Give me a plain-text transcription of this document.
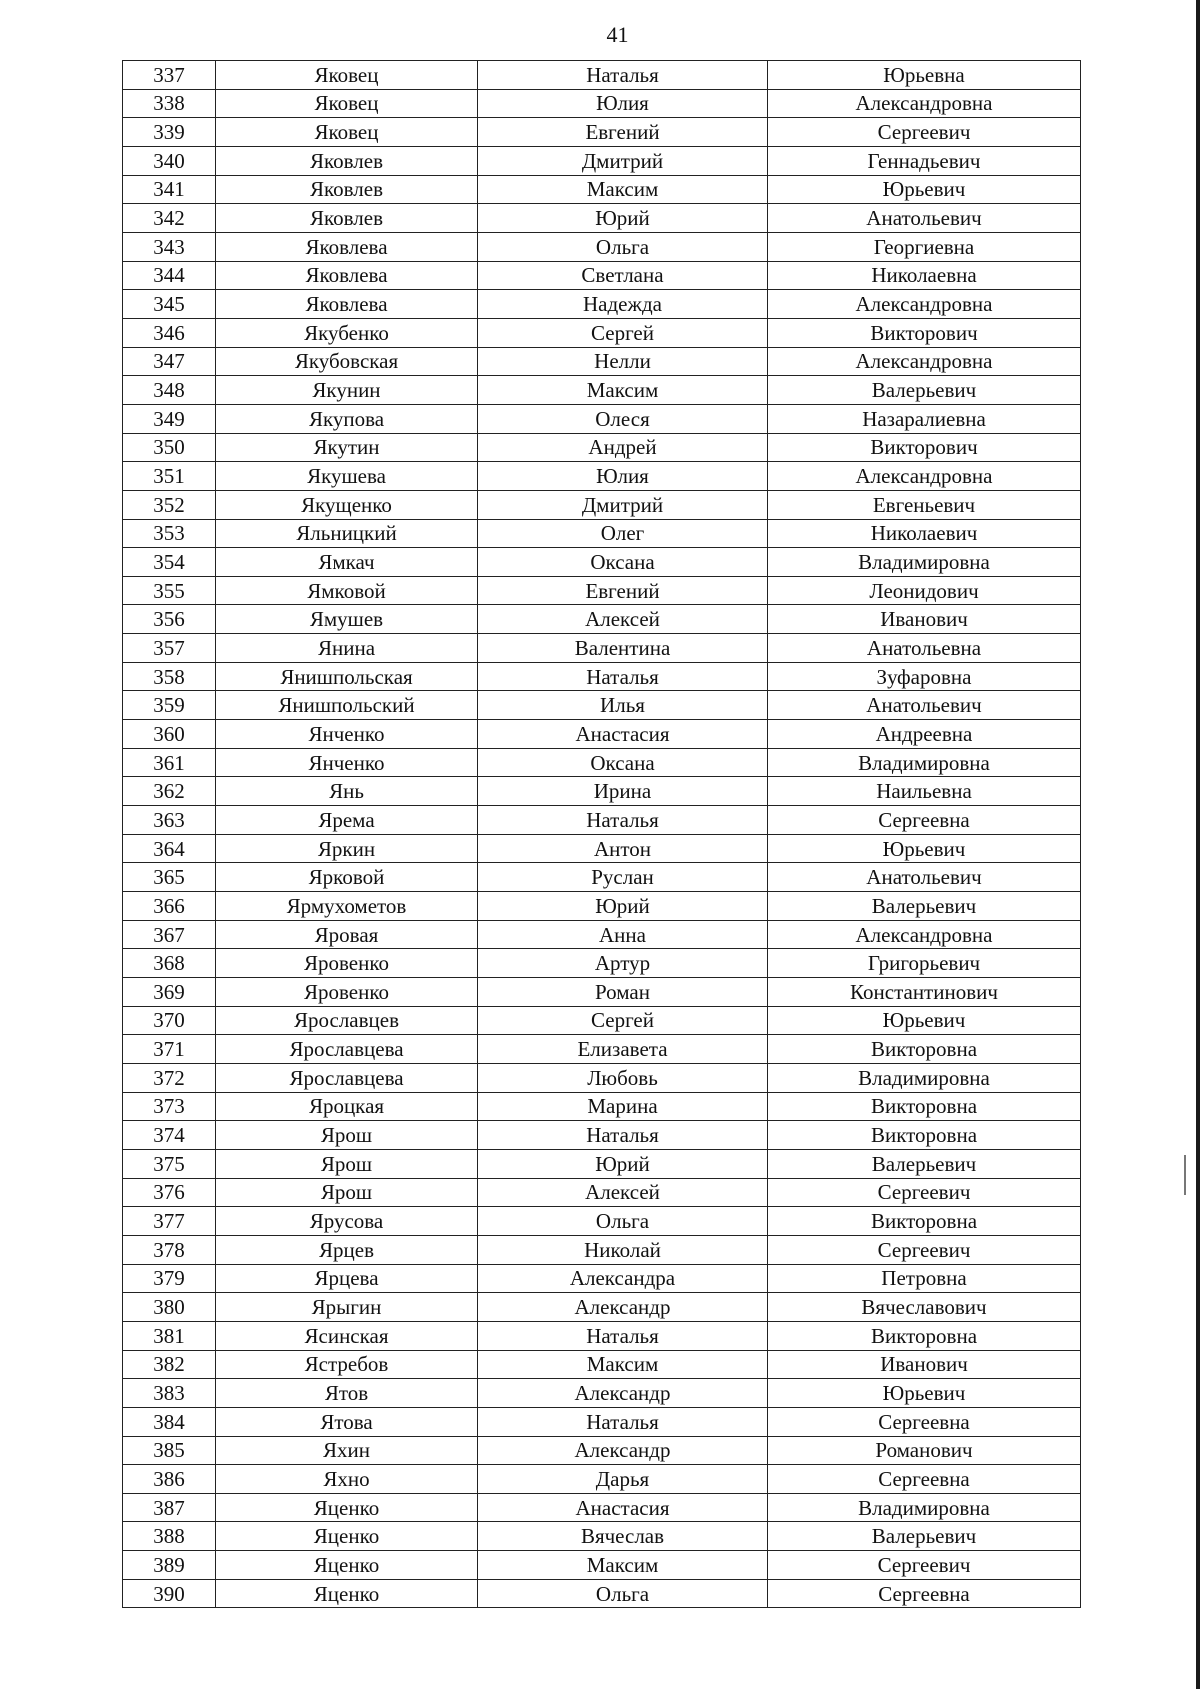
41
337	Яковец	Наталья	Юрьевна
338	Яковец	Юлия	Александровна
339	Яковец	Евгений	Сергеевич
340	Яковлев	Дмитрий	Геннадьевич
341	Яковлев	Максим	Юрьевич
342	Яковлев	Юрий	Анатольевич
343	Яковлева	Ольга	Георгиевна
344	Яковлева	Светлана	Николаевна
345	Яковлева	Надежда	Александровна
346	Якубенко	Сергей	Викторович
347	Якубовская	Нелли	Александровна
348	Якунин	Максим	Валерьевич
349	Якупова	Олеся	Назаралиевна
350	Якутин	Андрей	Викторович
351	Якушева	Юлия	Александровна
352	Якущенко	Дмитрий	Евгеньевич
353	Яльницкий	Олег	Николаевич
354	Ямкач	Оксана	Владимировна
355	Ямковой	Евгений	Леонидович
356	Ямушев	Алексей	Иванович
357	Янина	Валентина	Анатольевна
358	Янишпольская	Наталья	Зуфаровна
359	Янишпольский	Илья	Анатольевич
360	Янченко	Анастасия	Андреевна
361	Янченко	Оксана	Владимировна
362	Янь	Ирина	Наильевна
363	Ярема	Наталья	Сергеевна
364	Яркин	Антон	Юрьевич
365	Ярковой	Руслан	Анатольевич
366	Ярмухометов	Юрий	Валерьевич
367	Яровая	Анна	Александровна
368	Яровенко	Артур	Григорьевич
369	Яровенко	Роман	Константинович
370	Ярославцев	Сергей	Юрьевич
371	Ярославцева	Елизавета	Викторовна
372	Ярославцева	Любовь	Владимировна
373	Яроцкая	Марина	Викторовна
374	Ярош	Наталья	Викторовна
375	Ярош	Юрий	Валерьевич
376	Ярош	Алексей	Сергеевич
377	Ярусова	Ольга	Викторовна
378	Ярцев	Николай	Сергеевич
379	Ярцева	Александра	Петровна
380	Ярыгин	Александр	Вячеславович
381	Ясинская	Наталья	Викторовна
382	Ястребов	Максим	Иванович
383	Ятов	Александр	Юрьевич
384	Ятова	Наталья	Сергеевна
385	Яхин	Александр	Романович
386	Яхно	Дарья	Сергеевна
387	Яценко	Анастасия	Владимировна
388	Яценко	Вячеслав	Валерьевич
389	Яценко	Максим	Сергеевич
390	Яценко	Ольга	Сергеевна
